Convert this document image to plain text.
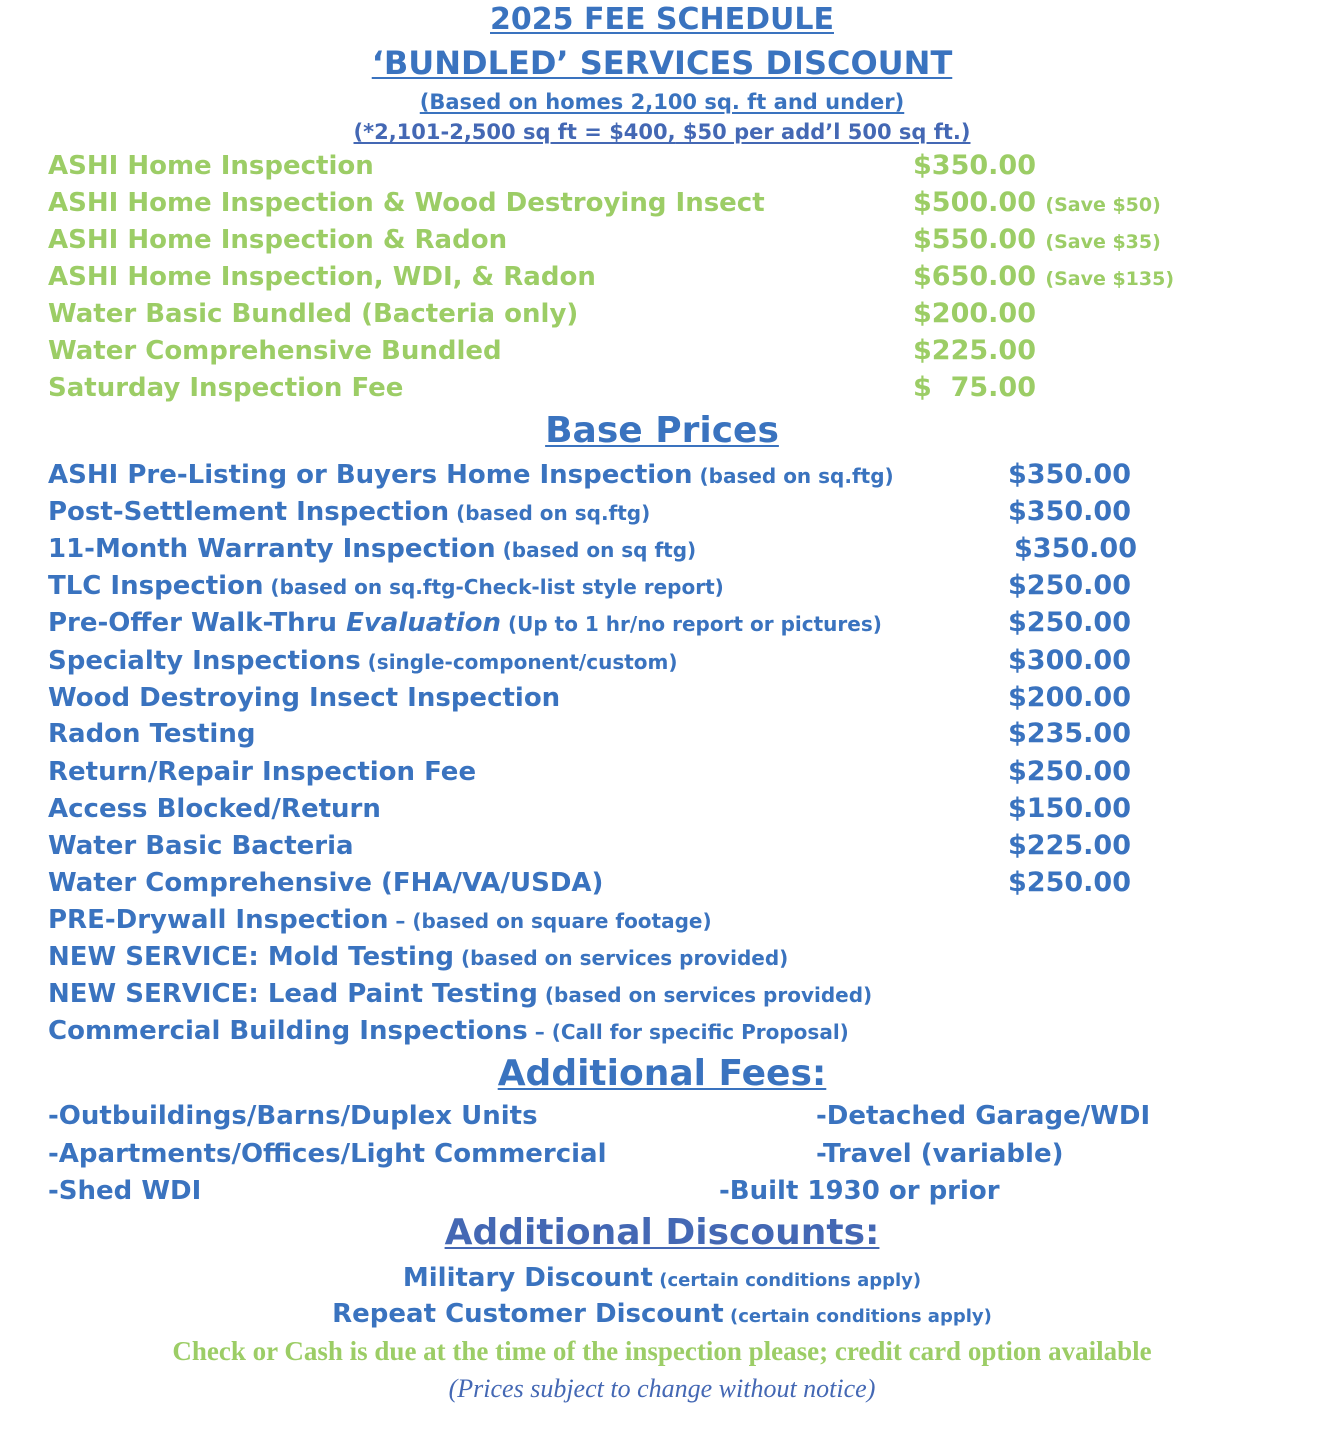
2025 FEE SCHEDULE
‘BUNDLED’ SERVICES DISCOUNT
(Based on homes 2,100 sq. ft and under)
(*2,101-2,500 sq ft = $400, $50 per add’l 500 sq ft.)
ASHI Home Inspection	$350.00
ASHI Home Inspection & Wood Destroying Insect	$500.00 (Save $50)
ASHI Home Inspection & Radon	$550.00 (Save $35)
ASHI Home Inspection, WDI, & Radon	$650.00 (Save $135)
Water Basic Bundled (Bacteria only)	$200.00
Water Comprehensive Bundled	$225.00
Saturday Inspection Fee	$  75.00
Base Prices
ASHI Pre-Listing or Buyers Home Inspection (based on sq.ftg)	$350.00
Post-Settlement Inspection (based on sq.ftg)	$350.00
11-Month Warranty Inspection (based on sq ftg)	$350.00
TLC Inspection (based on sq.ftg-Check-list style report)	$250.00
Pre-Offer Walk-Thru Evaluation (Up to 1 hr/no report or pictures)	$250.00
Specialty Inspections (single-component/custom)	$300.00
Wood Destroying Insect Inspection	$200.00
Radon Testing	$235.00
Return/Repair Inspection Fee	$250.00
Access Blocked/Return	$150.00
Water Basic Bacteria	$225.00
Water Comprehensive (FHA/VA/USDA)	$250.00
PRE-Drywall Inspection – (based on square footage)
NEW SERVICE: Mold Testing (based on services provided)
NEW SERVICE: Lead Paint Testing (based on services provided)
Commercial Building Inspections – (Call for specific Proposal)
Additional Fees:
-Outbuildings/Barns/Duplex Units
-Apartments/Offices/Light Commercial
-Shed WDI
-Detached Garage/WDI
-Travel (variable)
-Built 1930 or prior
Additional Discounts:
Military Discount (certain conditions apply)
Repeat Customer Discount (certain conditions apply)
Check or Cash is due at the time of the inspection please; credit card option available
(Prices subject to change without notice)
